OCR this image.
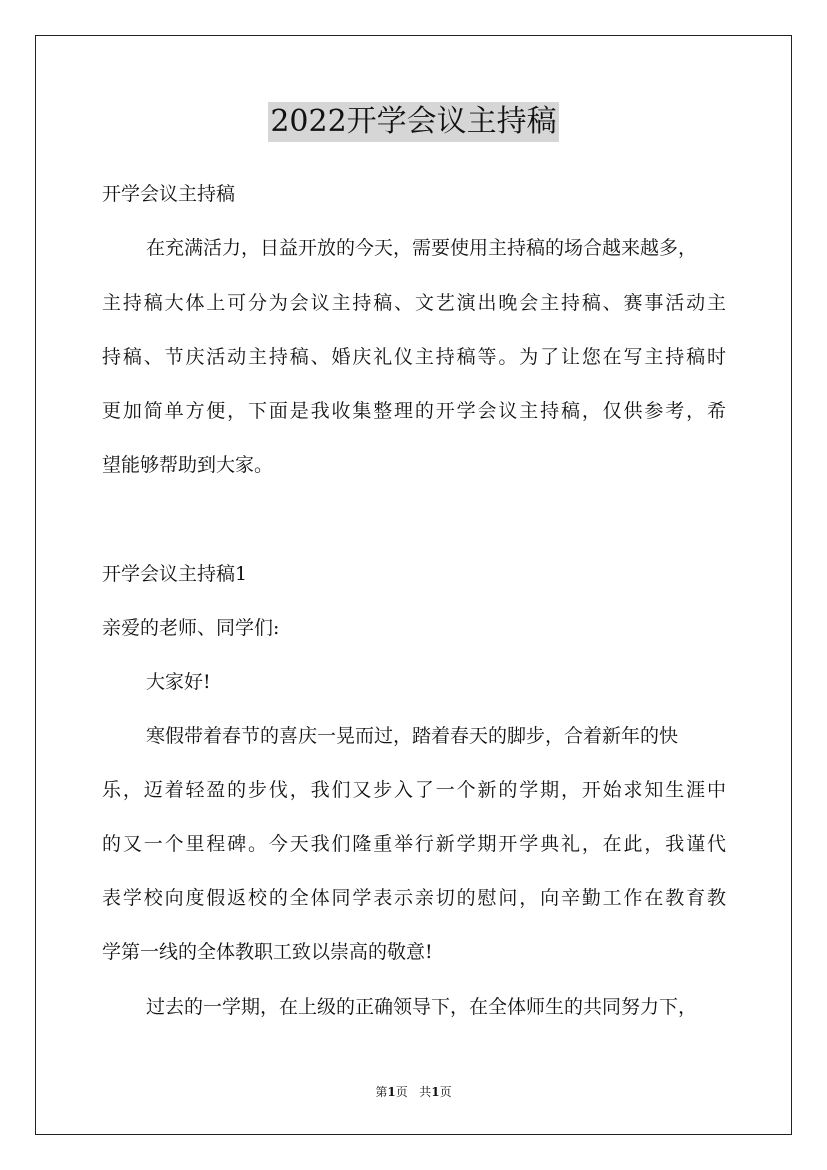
2022开学会议主持稿
开学会议主持稿
在充满活力，日益开放的今天，需要使用主持稿的场合越来越多，
主持稿大体上可分为会议主持稿、文艺演出晚会主持稿、赛事活动主
持稿、节庆活动主持稿、婚庆礼仪主持稿等。为了让您在写主持稿时
更加简单方便，下面是我收集整理的开学会议主持稿，仅供参考，希
望能够帮助到大家。
开学会议主持稿1
亲爱的老师、同学们:
大家好!
寒假带着春节的喜庆一晃而过，踏着春天的脚步，合着新年的快
乐，迈着轻盈的步伐，我们又步入了一个新的学期，开始求知生涯中
的又一个里程碑。今天我们隆重举行新学期开学典礼，在此，我谨代
表学校向度假返校的全体同学表示亲切的慰问，向辛勤工作在教育教
学第一线的全体教职工致以崇高的敬意!
过去的一学期，在上级的正确领导下，在全体师生的共同努力下，
第1页 共1页
